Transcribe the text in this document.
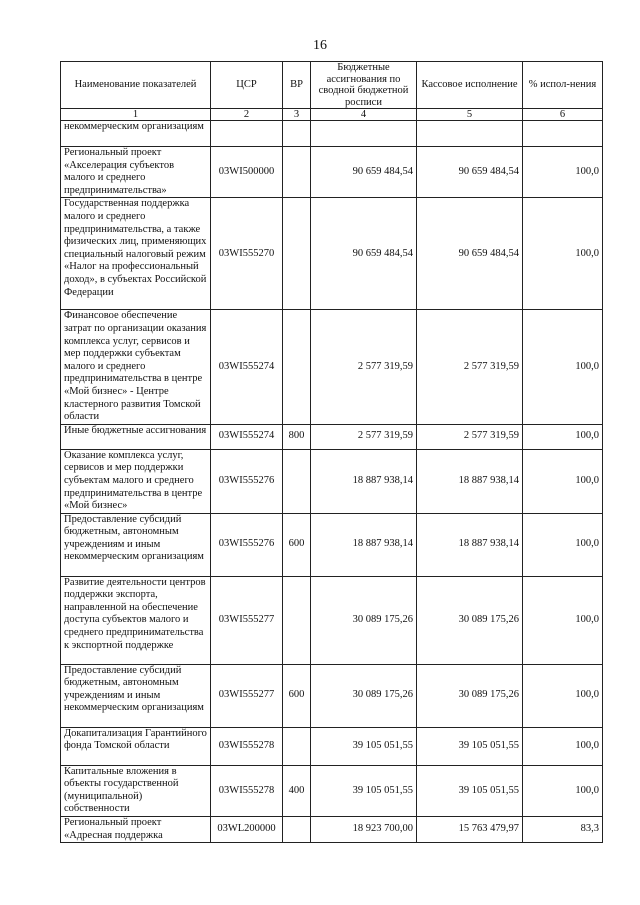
16
Наименование показателей	ЦСР	ВР	Бюджетные ассигнования по сводной бюджетной росписи	Кассовое исполнение	% испол-нения
1	2	3	4	5	6
некоммерческим организациям					
Региональный проект «Акселерация субъектов малого и среднего предпринимательства»	03WI500000		90 659 484,54	90 659 484,54	100,0
Государственная поддержка малого и среднего предпринимательства, а также физических лиц, применяющих специальный налоговый режим «Налог на профессиональный доход», в субъектах Российской Федерации	03WI555270		90 659 484,54	90 659 484,54	100,0
Финансовое обеспечение затрат по организации оказания комплекса услуг, сервисов и мер поддержки субъектам малого и среднего предпринимательства в центре «Мой бизнес» - Центре кластерного развития Томской области	03WI555274		2 577 319,59	2 577 319,59	100,0
Иные бюджетные ассигнования	03WI555274	800	2 577 319,59	2 577 319,59	100,0
Оказание комплекса услуг, сервисов и мер поддержки субъектам малого и среднего предпринимательства в центре «Мой бизнес»	03WI555276		18 887 938,14	18 887 938,14	100,0
Предоставление субсидий бюджетным, автономным учреждениям и иным некоммерческим организациям	03WI555276	600	18 887 938,14	18 887 938,14	100,0
Развитие деятельности центров поддержки экспорта, направленной на обеспечение доступа субъектов малого и среднего предпринимательства к экспортной поддержке	03WI555277		30 089 175,26	30 089 175,26	100,0
Предоставление субсидий бюджетным, автономным учреждениям и иным некоммерческим организациям	03WI555277	600	30 089 175,26	30 089 175,26	100,0
Докапитализация Гарантийного фонда Томской области	03WI555278		39 105 051,55	39 105 051,55	100,0
Капитальные вложения в объекты государственной (муниципальной) собственности	03WI555278	400	39 105 051,55	39 105 051,55	100,0
Региональный проект «Адресная поддержка	03WL200000		18 923 700,00	15 763 479,97	83,3
